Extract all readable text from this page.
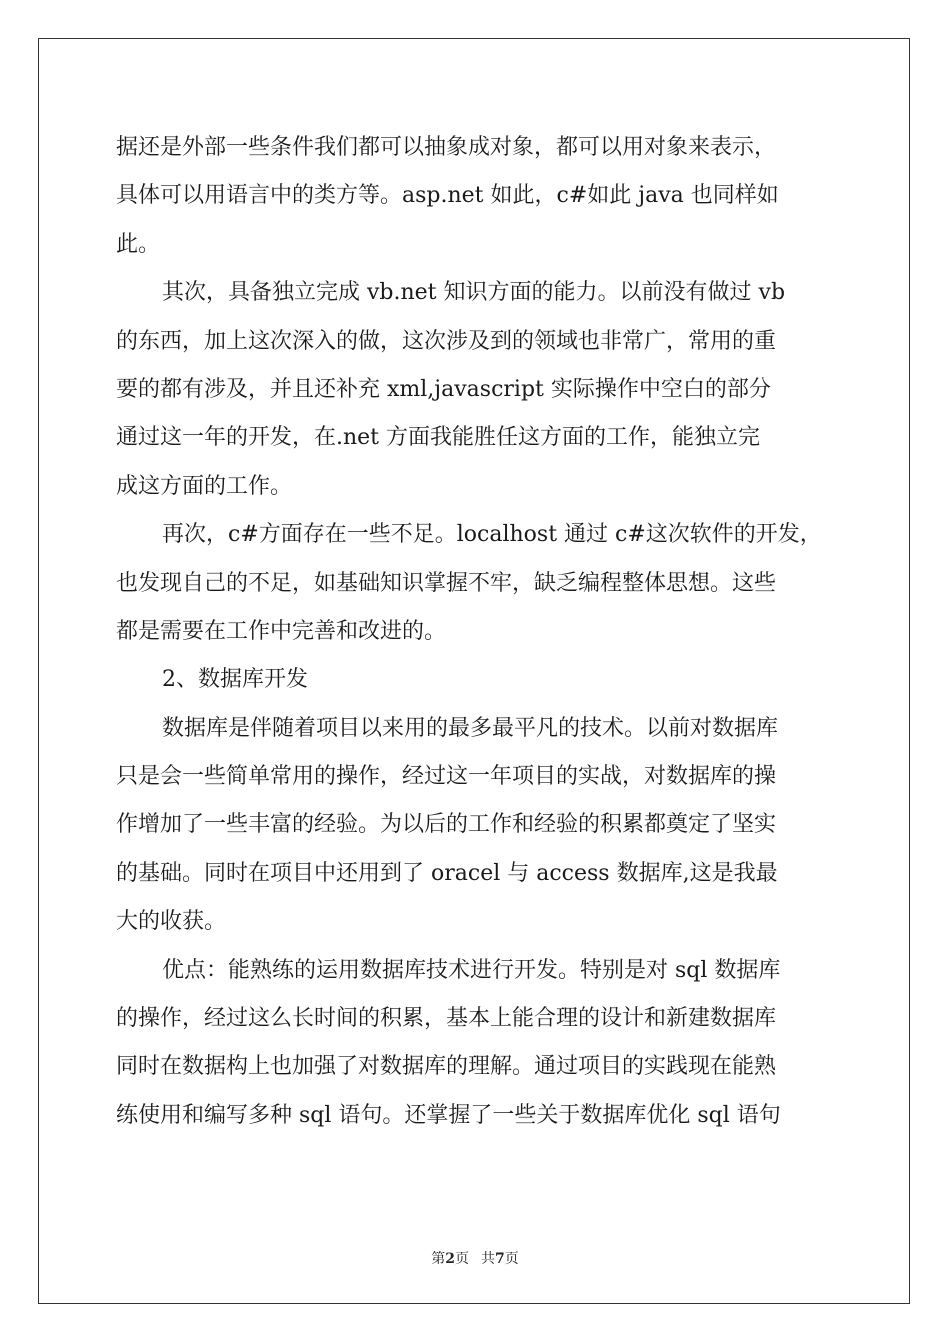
据还是外部一些条件我们都可以抽象成对象，都可以用对象来表示，
具体可以用语言中的类方等。asp.net 如此，c#如此 java 也同样如
此。
其次，具备独立完成 vb.net 知识方面的能力。以前没有做过 vb
的东西，加上这次深入的做，这次涉及到的领域也非常广，常用的重
要的都有涉及，并且还补充 xml,javascript 实际操作中空白的部分
通过这一年的开发，在.net 方面我能胜任这方面的工作，能独立完
成这方面的工作。
再次，c#方面存在一些不足。localhost 通过 c#这次软件的开发，
也发现自己的不足，如基础知识掌握不牢，缺乏编程整体思想。这些
都是需要在工作中完善和改进的。
2、数据库开发
数据库是伴随着项目以来用的最多最平凡的技术。以前对数据库
只是会一些简单常用的操作，经过这一年项目的实战，对数据库的操
作增加了一些丰富的经验。为以后的工作和经验的积累都奠定了坚实
的基础。同时在项目中还用到了 oracel 与 access 数据库,这是我最
大的收获。
优点：能熟练的运用数据库技术进行开发。特别是对 sql 数据库
的操作，经过这么长时间的积累，基本上能合理的设计和新建数据库
同时在数据构上也加强了对数据库的理解。通过项目的实践现在能熟
练使用和编写多种 sql 语句。还掌握了一些关于数据库优化 sql 语句
第2页 共7页
